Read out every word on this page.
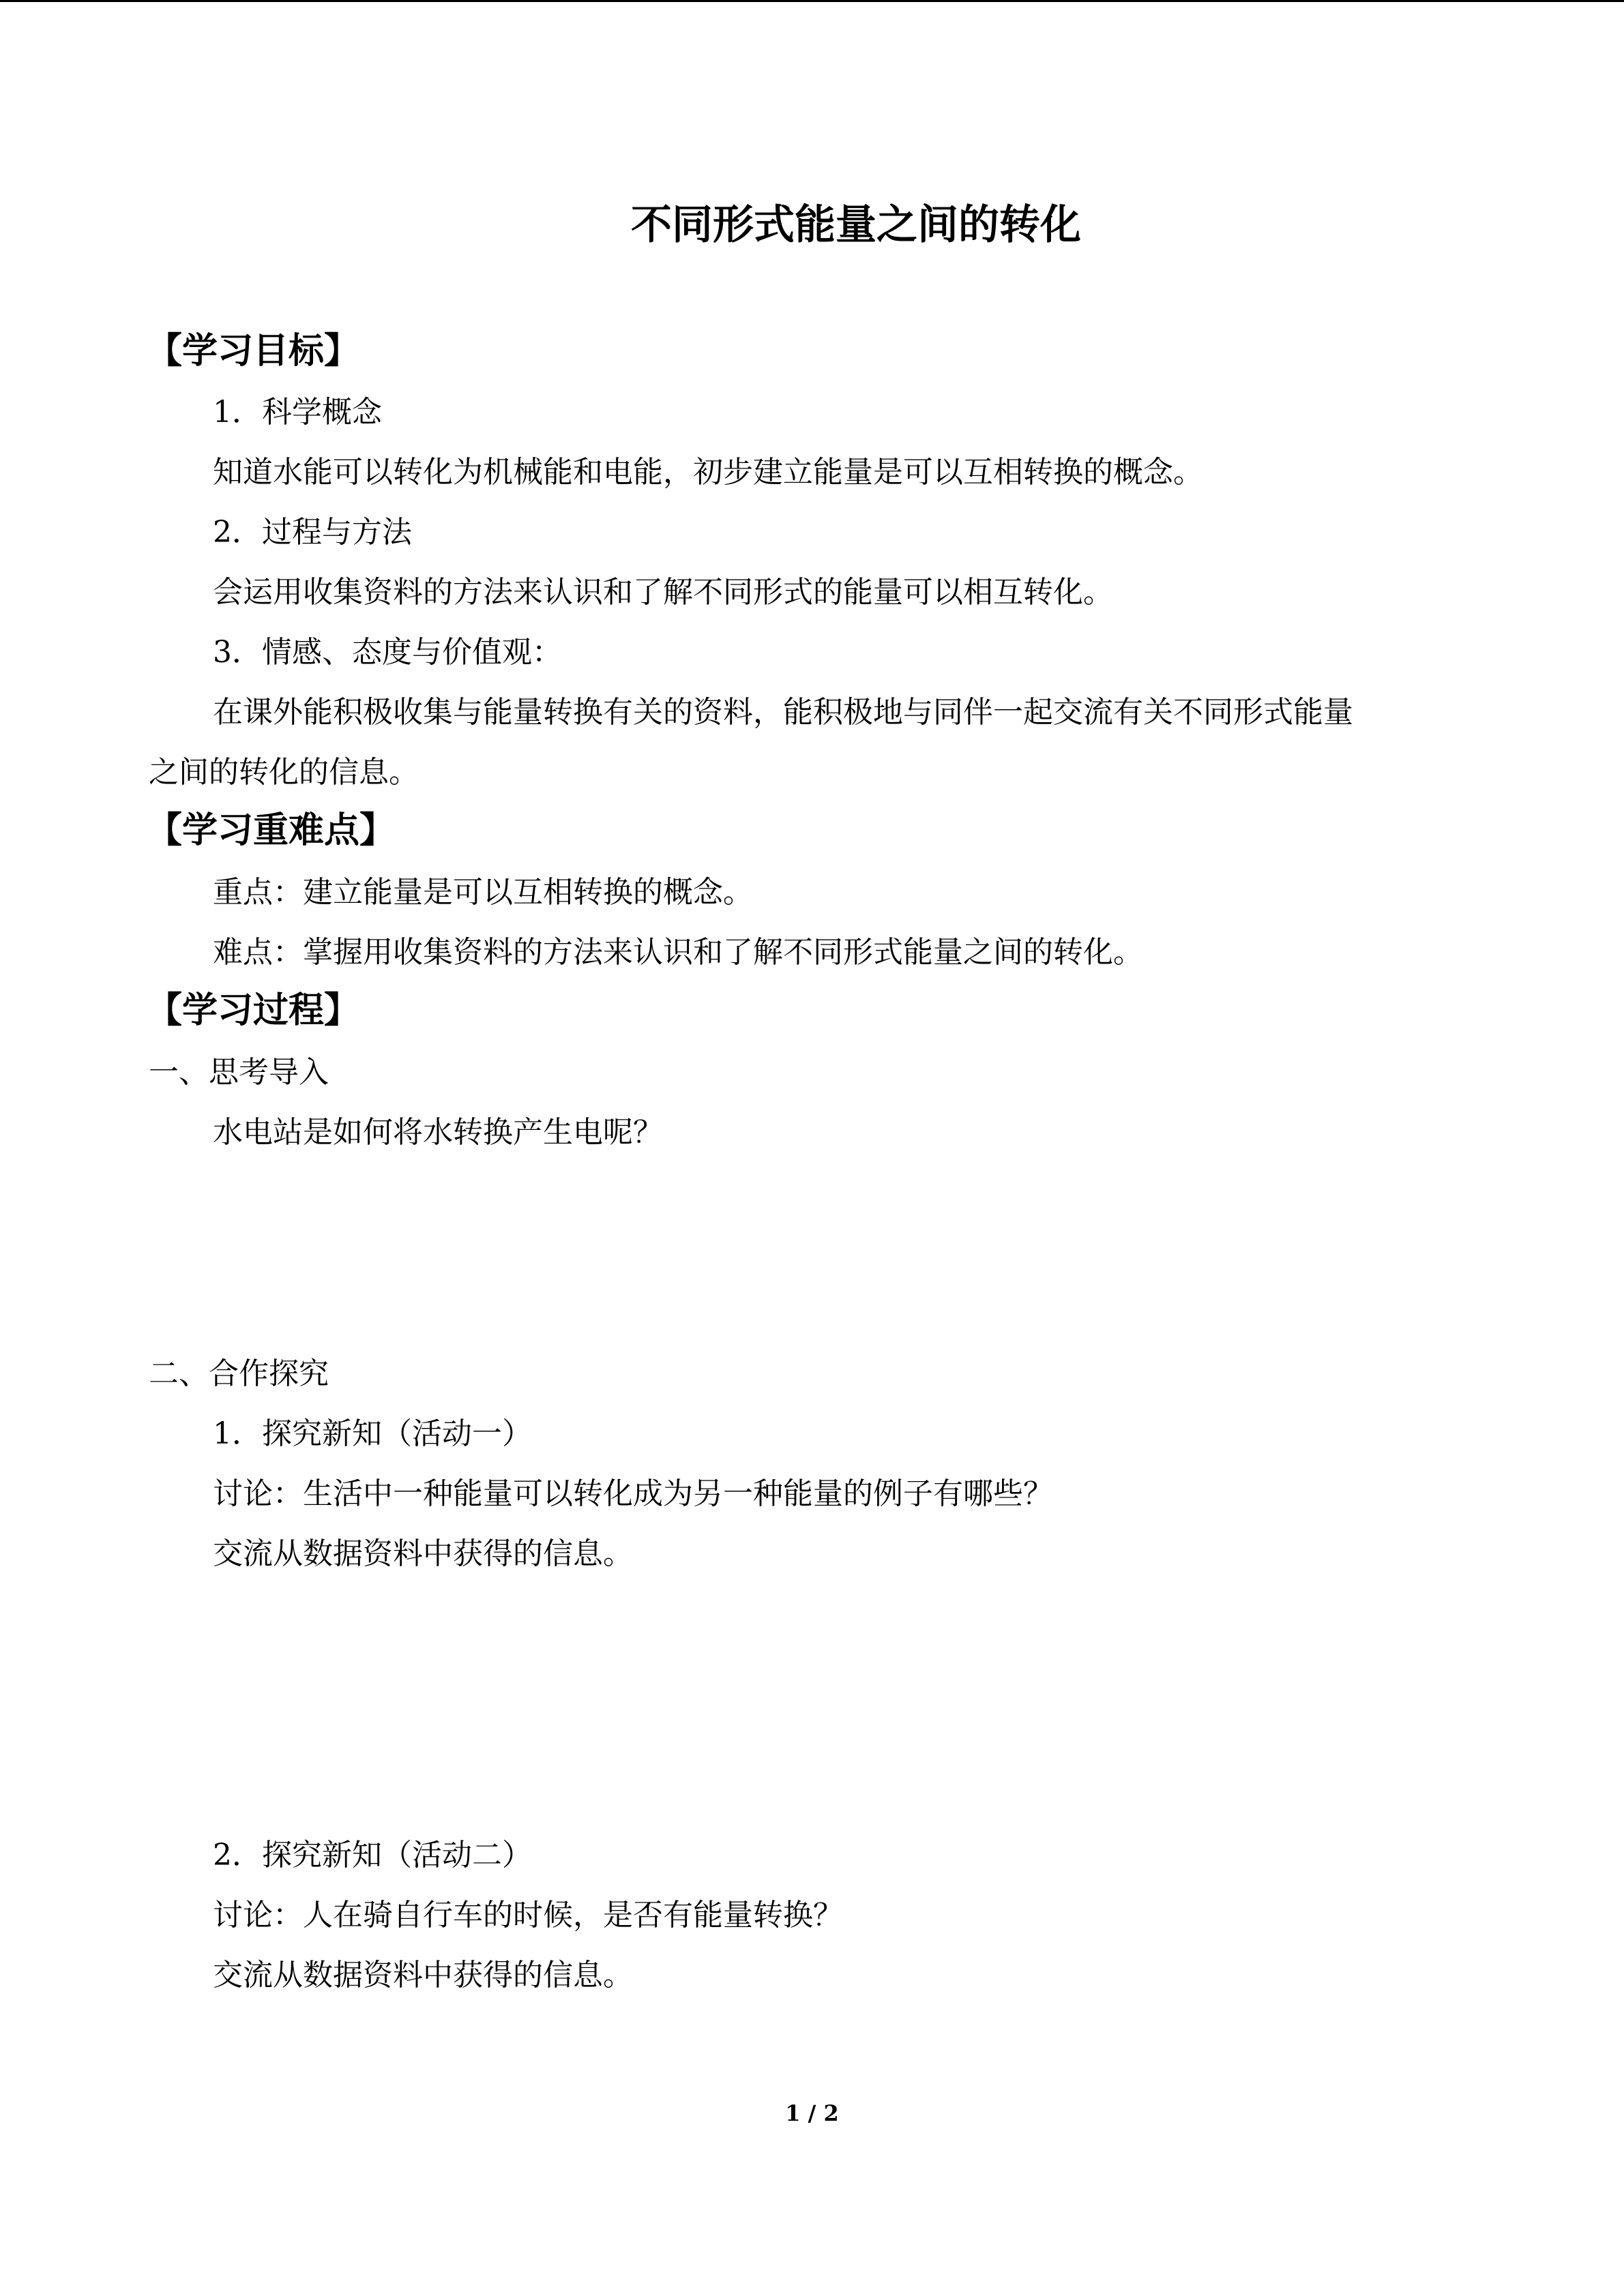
不同形式能量之间的转化
【学习目标】
1．科学概念
知道水能可以转化为机械能和电能，初步建立能量是可以互相转换的概念。
2．过程与方法
会运用收集资料的方法来认识和了解不同形式的能量可以相互转化。
3．情感、态度与价值观：
在课外能积极收集与能量转换有关的资料，能积极地与同伴一起交流有关不同形式能量
之间的转化的信息。
【学习重难点】
重点：建立能量是可以互相转换的概念。
难点：掌握用收集资料的方法来认识和了解不同形式能量之间的转化。
【学习过程】
一、思考导入
水电站是如何将水转换产生电呢？
二、合作探究
1．探究新知（活动一）
讨论：生活中一种能量可以转化成为另一种能量的例子有哪些？
交流从数据资料中获得的信息。
2．探究新知（活动二）
讨论：人在骑自行车的时候，是否有能量转换？
交流从数据资料中获得的信息。
1 / 2
